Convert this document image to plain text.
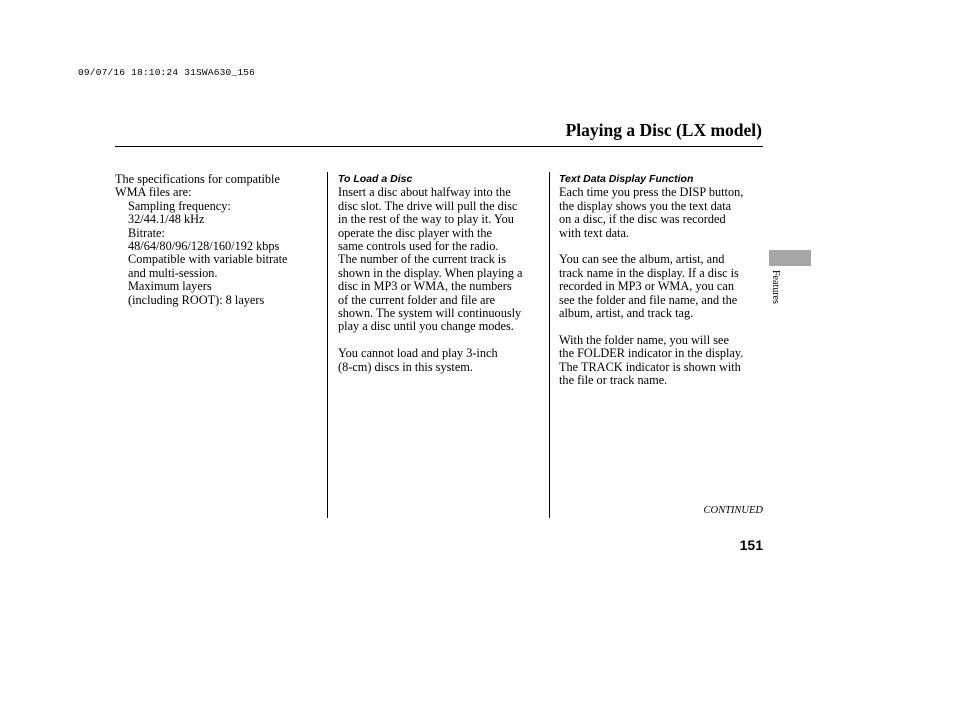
09/07/16 18:10:24 31SWA630_156
Playing a Disc (LX model)

The specifications for compatible

WMA files are:

Sampling frequency:

32/44.1/48 kHz

Bitrate:

48/64/80/96/128/160/192 kbps

Compatible with variable bitrate

and multi-session.

Maximum layers

(including ROOT): 8 layers

To Load a Disc

Insert a disc about halfway into the

disc slot. The drive will pull the disc

in the rest of the way to play it. You

operate the disc player with the

same controls used for the radio.

The number of the current track is

shown in the display. When playing a

disc in MP3 or WMA, the numbers

of the current folder and file are

shown. The system will continuously

play a disc until you change modes.

You cannot load and play 3-inch

(8-cm) discs in this system.

Text Data Display Function

Each time you press the DISP button,

the display shows you the text data

on a disc, if the disc was recorded

with text data.

You can see the album, artist, and

track name in the display. If a disc is

recorded in MP3 or WMA, you can

see the folder and file name, and the

album, artist, and track tag.

With the folder name, you will see

the FOLDER indicator in the display.

The TRACK indicator is shown with

the file or track name.

Features
CONTINUED
151
